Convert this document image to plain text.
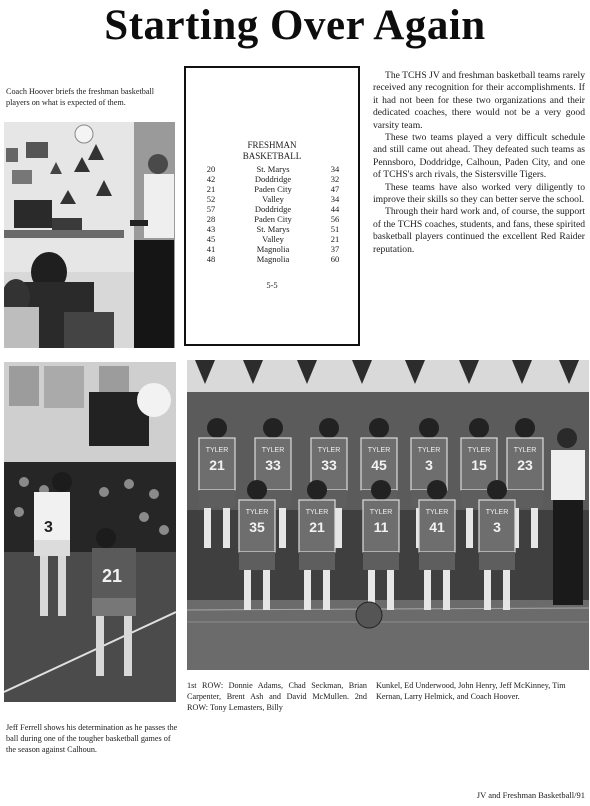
Starting Over Again
Coach Hoover briefs the freshman basketball players on what is expected of them.
FRESHMAN
BASKETBALL
20	St. Marys	34
42	Doddridge	32
21	Paden City	47
52	Valley	34
57	Doddridge	44
28	Paden City	56
43	St. Marys	51
45	Valley	21
41	Magnolia	37
48	Magnolia	60
5-5

The TCHS JV and freshman basketball teams rarely received any recognition for their accomplishments. If it had not been for these two organizations and their dedicated coaches, there would not be a very good varsity team.

These two teams played a very difficult schedule and still came out ahead. They defeated such teams as Pennsboro, Doddridge, Calhoun, Paden City, and one of TCHS's arch rivals, the Sistersville Tigers.

These teams have also worked very diligently to improve their skills so they can better serve the school.

Through their hard work and, of course, the support of the TCHS coaches, students, and fans, these spirited basketball players continued the excellent Red Raider reputation.

3
21
TYLER
21
TYLER
33
TYLER
33
TYLER
45
TYLER
3
TYLER
15
TYLER
23
TYLER
35
TYLER
21
TYLER
11
TYLER
41
TYLER
3
Jeff Ferrell shows his determination as he passes the ball during one of the tougher basketball games of the season against Calhoun.
1st ROW: Donnie Adams, Chad Seckman, Brian Carpenter, Brent Ash and David McMullen. 2nd ROW: Tony Lemasters, Billy
Kunkel, Ed Underwood, John Henry, Jeff McKinney, Tim Kernan, Larry Helmick, and Coach Hoover.
JV and Freshman Basketball/91
